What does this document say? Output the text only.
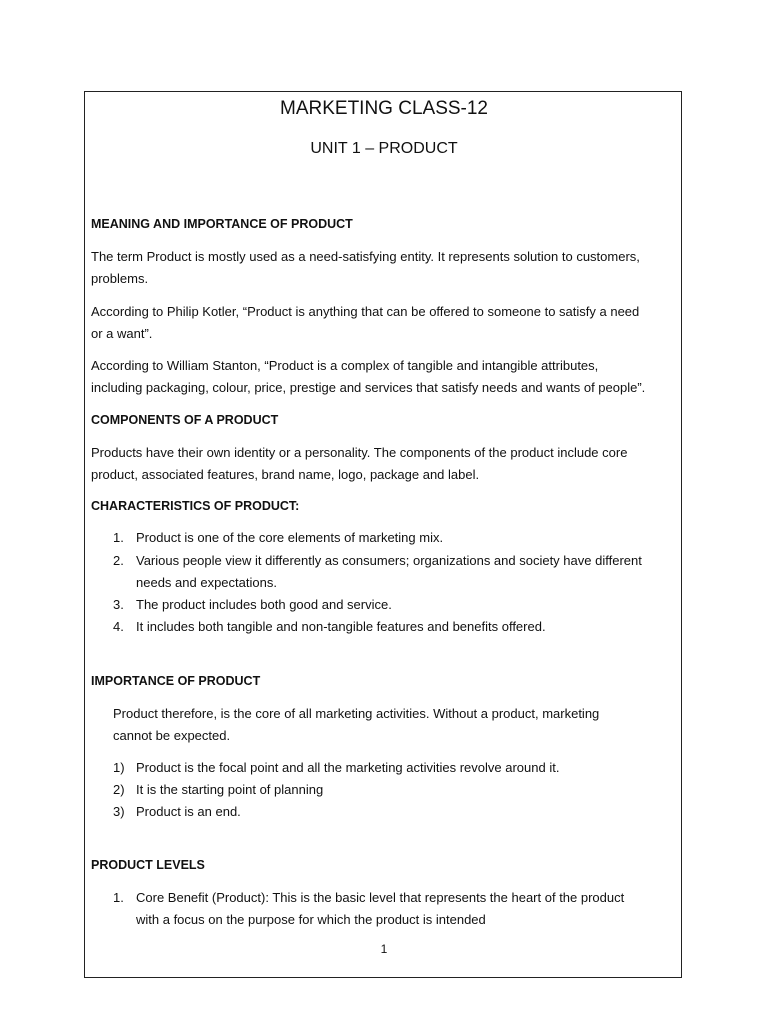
MARKETING CLASS-12
UNIT 1 – PRODUCT
MEANING AND IMPORTANCE OF PRODUCT
The term Product is mostly used as a need-satisfying entity. It represents solution to customers,
problems.
According to Philip Kotler, “Product is anything that can be offered to someone to satisfy a need
or a want”.
According to William Stanton, “Product is a complex of tangible and intangible attributes,
including packaging, colour, price, prestige and services that satisfy needs and wants of people”.
COMPONENTS OF A PRODUCT
Products have their own identity or a personality. The components of the product include core
product, associated features, brand name, logo, package and label.
CHARACTERISTICS OF PRODUCT:
1. Product is one of the core elements of marketing mix.
2. Various people view it differently as consumers; organizations and society have different
needs and expectations.
3. The product includes both good and service.
4. It includes both tangible and non-tangible features and benefits offered.
IMPORTANCE OF PRODUCT
Product therefore, is the core of all marketing activities. Without a product, marketing
cannot be expected.
1) Product is the focal point and all the marketing activities revolve around it.
2) It is the starting point of planning
3) Product is an end.
PRODUCT LEVELS
1. Core Benefit (Product): This is the basic level that represents the heart of the product
with a focus on the purpose for which the product is intended
1
